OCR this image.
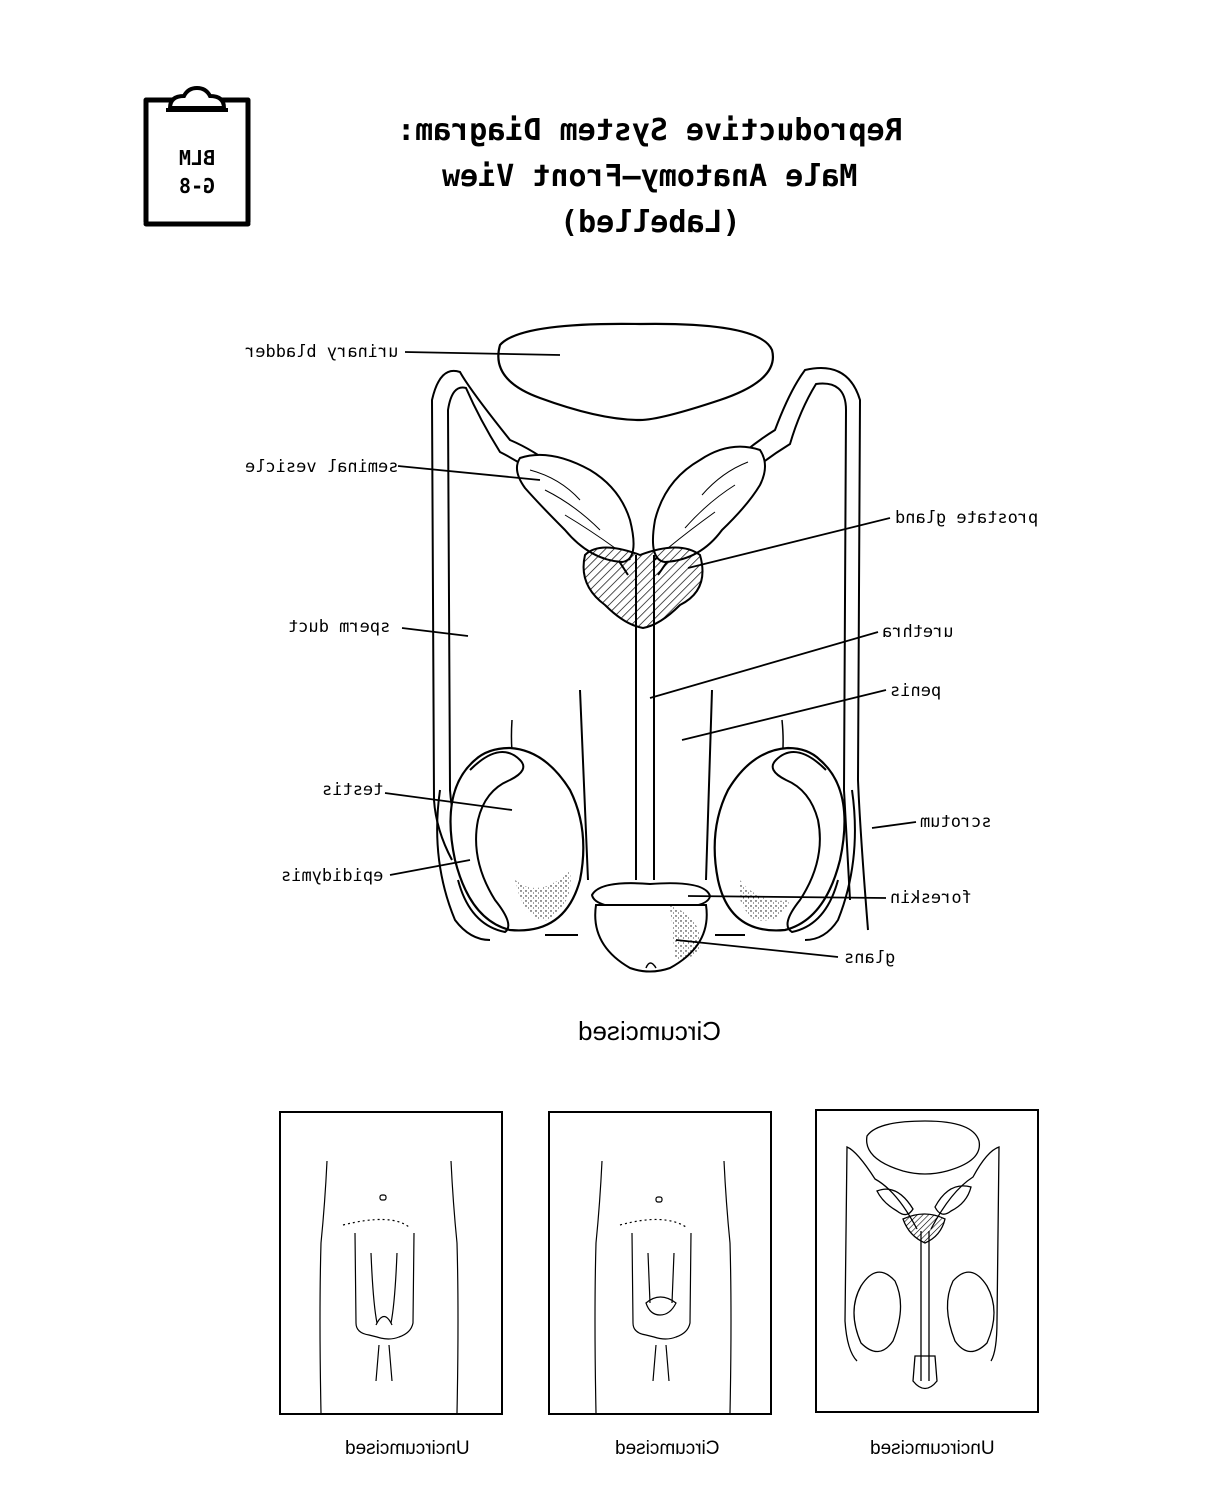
BLM
G-8
Reproductive System Diagram:
Male Anatomy—Front View
(Labelled)
urinary bladder
seminal vesicle
prostate gland
sperm duct	urethra
penis
testis
scrotum
epididymis
foreskin
glans
Circumcised
Uncircumcised	Circumcised	Uncircumcised
